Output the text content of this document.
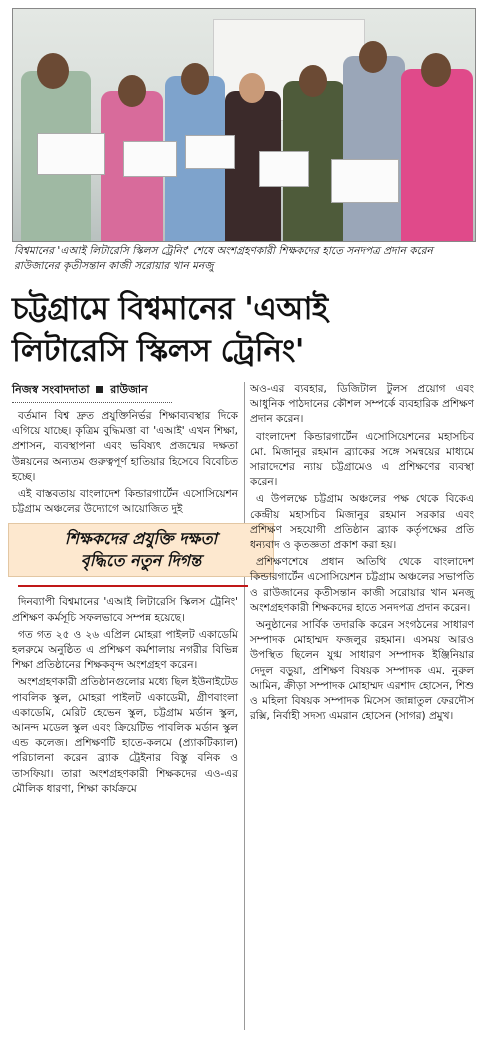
বিশ্বমানের 'এআই লিটারেসি স্কিলস ট্রেনিং' শেষে অংশগ্রহণকারী শিক্ষকদের হাতে সনদপত্র প্রদান করেন রাউজানের কৃতীসন্তান কাজী সরোয়ার খান মনজু
চট্টগ্রামে বিশ্বমানের 'এআই
লিটারেসি স্কিলস ট্রেনিং'
নিজস্ব সংবাদদাতা রাউজান

বর্তমান বিশ্ব দ্রুত প্রযুক্তিনির্ভর শিক্ষাব্যবস্থার দিকে এগিয়ে যাচ্ছে। কৃত্রিম বুদ্ধিমত্তা বা 'এআই' এখন শিক্ষা, প্রশাসন, ব্যবস্থাপনা এবং ভবিষ্যৎ প্রজন্মের দক্ষতা উন্নয়নের অন্যতম গুরুত্বপূর্ণ হাতিয়ার হিসেবে বিবেচিত হচ্ছে।

এই বাস্তবতায় বাংলাদেশ কিন্ডারগার্টেন এসোসিয়েশন চট্টগ্রাম অঞ্চলের উদ্যোগে আয়োজিত দুই

শিক্ষকদের প্রযুক্তি দক্ষতা
বৃদ্ধিতে নতুন দিগন্ত

দিনব্যাপী বিশ্বমানের 'এআই লিটারেসি স্কিলস ট্রেনিং' প্রশিক্ষণ কর্মসূচি সফলভাবে সম্পন্ন হয়েছে।

গত গত ২৫ ও ২৬ এপ্রিল মোহরা পাইলট একাডেমি হলরুমে অনুষ্ঠিত এ প্রশিক্ষণ কর্মশালায় নগরীর বিভিন্ন শিক্ষা প্রতিষ্ঠানের শিক্ষকবৃন্দ অংশগ্রহণ করেন।

অংশগ্রহণকারী প্রতিষ্ঠানগুলোর মধ্যে ছিল ইউনাইটেড পাবলিক স্কুল, মোহরা পাইলট একাডেমী, গ্রীণবাংলা একাডেমি, মেরিট হেভেন স্কুল, চট্টগ্রাম মর্ডান স্কুল, আনন্দ মডেল স্কুল এবং ক্রিয়েটিভ পাবলিক মর্ডান স্কুল এন্ড কলেজ। প্রশিক্ষণটি হাতে-কলমে (প্র্যাকটিক্যাল) পরিচালনা করেন ব্র্যাক ট্রেইনার বিস্তু বনিক ও তাসফিয়া। তারা অংশগ্রহণকারী শিক্ষকদের এও-এর মৌলিক ধারণা, শিক্ষা কার্যক্রমে

অও-এর ব্যবহার, ডিজিটাল টুলস প্রয়োগ এবং আধুনিক পাঠদানের কৌশল সম্পর্কে ব্যবহারিক প্রশিক্ষণ প্রদান করেন।

বাংলাদেশ কিন্ডারগার্টেন এসোসিয়েশনের মহাসচিব মো. মিজানুর রহমান ব্র্যাকের সঙ্গে সমন্বয়ের মাধ্যমে সারাদেশের ন্যায় চট্টগ্রামেও এ প্রশিক্ষণের ব্যবস্থা করেন।

এ উপলক্ষে চট্টগ্রাম অঞ্চলের পক্ষ থেকে বিকেএ কেন্দ্রীয় মহাসচিব মিজানুর রহমান সরকার এবং প্রশিক্ষণ সহযোগী প্রতিষ্ঠান ব্র্যাক কর্তৃপক্ষের প্রতি ধন্যবাদ ও কৃতজ্ঞতা প্রকাশ করা হয়।

প্রশিক্ষণশেষে প্রধান অতিথি থেকে বাংলাদেশ কিন্ডারগার্টেন এসোসিয়েশন চট্টগ্রাম অঞ্চলের সভাপতি ও রাউজানের কৃতীসন্তান কাজী সরোয়ার খান মনজু অংশগ্রহণকারী শিক্ষকদের হাতে সনদপত্র প্রদান করেন।

অনুষ্ঠানের সার্বিক তদারকি করেন সংগঠনের সাধারণ সম্পাদক মোহাম্মদ ফজলুর রহমান। এসময় আরও উপস্থিত ছিলেন যুগ্ম সাধারণ সম্পাদক ইঞ্জিনিয়ার দেদুল বড়ুয়া, প্রশিক্ষণ বিষয়ক সম্পাদক এম. নুরুল আমিন, ক্রীড়া সম্পাদক মোহাম্মদ এরশাদ হোসেন, শিশু ও মহিলা বিষয়ক সম্পাদক মিসেস জান্নাতুল ফেরদৌস রক্সি, নির্বাহী সদস্য এমরান হোসেন (সাগর) প্রমুখ।
